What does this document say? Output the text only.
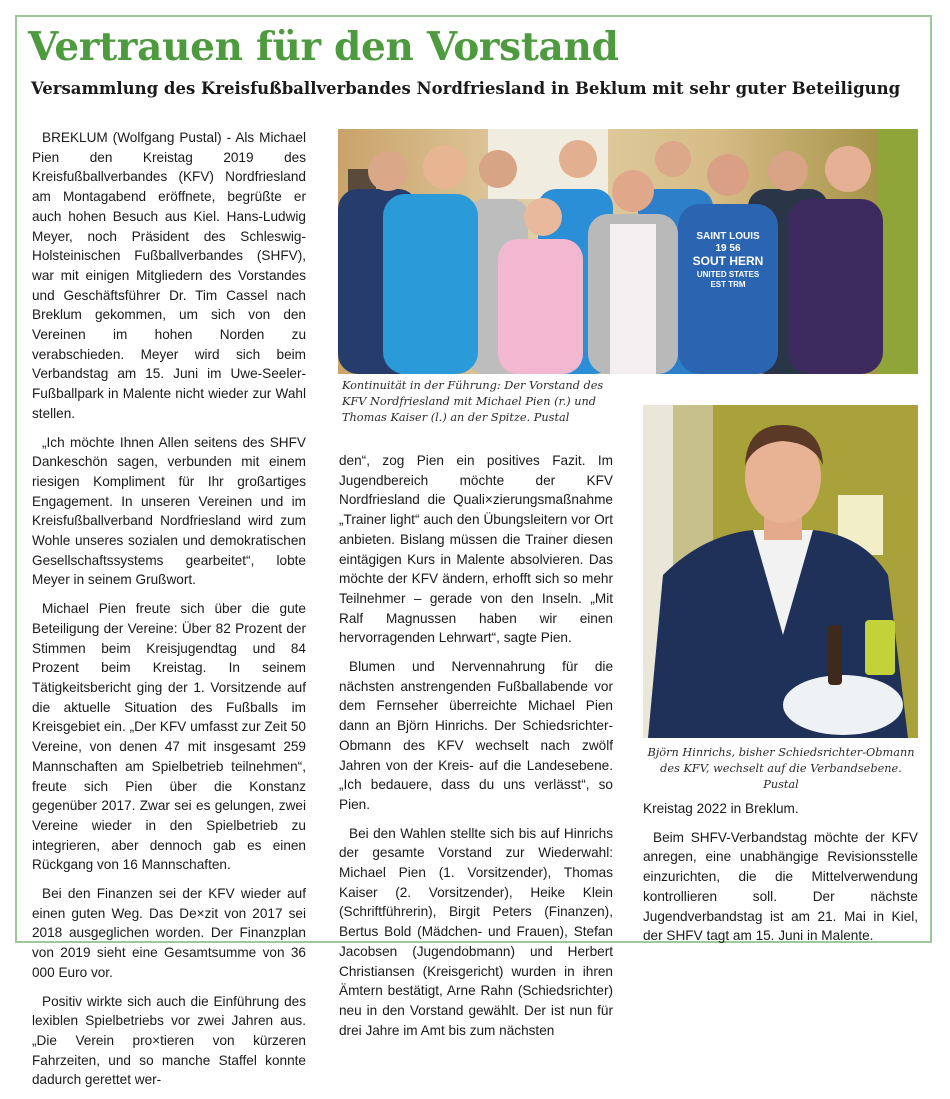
Vertrauen für den Vorstand
Versammlung des Kreisfußballverbandes Nordfriesland in Beklum mit sehr guter Beteiligung

BREKLUM (Wolfgang Pustal) - Als Michael Pien den Kreistag 2019 des Kreisfußballverbandes (KFV) Nordfriesland am Montagabend eröffnete, begrüßte er auch hohen Besuch aus Kiel. Hans-Ludwig Meyer, noch Präsident des Schleswig-Holsteinischen Fußballverbandes (SHFV), war mit einigen Mitgliedern des Vorstandes und Geschäftsführer Dr. Tim Cassel nach Breklum gekommen, um sich von den Vereinen im hohen Norden zu verabschieden. Meyer wird sich beim Verbandstag am 15. Juni im Uwe-Seeler-Fußballpark in Malente nicht wieder zur Wahl stellen.

„Ich möchte Ihnen Allen seitens des SHFV Dankeschön sagen, verbunden mit einem riesigen Kompliment für Ihr großartiges Engagement. In unseren Vereinen und im Kreisfußballverband Nordfriesland wird zum Wohle unseres sozialen und demokratischen Gesellschaftssystems gearbeitet“, lobte Meyer in seinem Grußwort.

Michael Pien freute sich über die gute Beteiligung der Vereine: Über 82 Prozent der Stimmen beim Kreisjugendtag und 84 Prozent beim Kreistag. In seinem Tätigkeitsbericht ging der 1. Vorsitzende auf die aktuelle Situation des Fußballs im Kreisgebiet ein. „Der KFV umfasst zur Zeit 50 Vereine, von denen 47 mit insgesamt 259 Mannschaften am Spielbetrieb teilnehmen“, freute sich Pien über die Konstanz gegenüber 2017. Zwar sei es gelungen, zwei Vereine wieder in den Spielbetrieb zu integrieren, aber dennoch gab es einen Rückgang von 16 Mannschaften.

Bei den Finanzen sei der KFV wieder auf einen guten Weg. Das De×zit von 2017 sei 2018 ausgeglichen worden. Der Finanzplan von 2019 sieht eine Gesamtsumme von 36 000 Euro vor.

Positiv wirkte sich auch die Einführung des lexiblen Spielbetriebs vor zwei Jahren aus. „Die Verein pro×tieren von kürzeren Fahrzeiten, und so manche Staffel konnte dadurch gerettet wer-

SAINT LOUIS
19 56
SOUT HERN
UNITED STATES
EST TRM

Kontinuität in der Führung: Der Vorstand des KFV Nordfriesland mit Michael Pien (r.) und Thomas Kaiser (l.) an der Spitze. Pustal

den“, zog Pien ein positives Fazit. Im Jugendbereich möchte der KFV Nordfriesland die Quali×zierungsmaßnahme „Trainer light“ auch den Übungsleitern vor Ort anbieten. Bislang müssen die Trainer diesen eintägigen Kurs in Malente absolvieren. Das möchte der KFV ändern, erhofft sich so mehr Teilnehmer – gerade von den Inseln. „Mit Ralf Magnussen haben wir einen hervorragenden Lehrwart“, sagte Pien.

Blumen und Nervennahrung für die nächsten anstrengenden Fußballabende vor dem Fernseher überreichte Michael Pien dann an Björn Hinrichs. Der Schiedsrichter-Obmann des KFV wechselt nach zwölf Jahren von der Kreis- auf die Landesebene. „Ich bedauere, dass du uns verlässt“, so Pien.

Bei den Wahlen stellte sich bis auf Hinrichs der gesamte Vorstand zur Wiederwahl: Michael Pien (1. Vorsitzender), Thomas Kaiser (2. Vorsitzender), Heike Klein (Schriftführerin), Birgit Peters (Finanzen), Bertus Bold (Mädchen- und Frauen), Stefan Jacobsen (Jugendobmann) und Herbert Christiansen (Kreisgericht) wurden in ihren Ämtern bestätigt, Arne Rahn (Schiedsrichter) neu in den Vorstand gewählt. Der ist nun für drei Jahre im Amt bis zum nächsten

Björn Hinrichs, bisher Schiedsrichter-Obmann des KFV, wechselt auf die Verbandsebene. Pustal

Kreistag 2022 in Breklum.

Beim SHFV-Verbandstag möchte der KFV anregen, eine unabhängige Revisionsstelle einzurichten, die die Mittelverwendung kontrollieren soll. Der nächste Jugendverbandstag ist am 21. Mai in Kiel, der SHFV tagt am 15. Juni in Malente.
